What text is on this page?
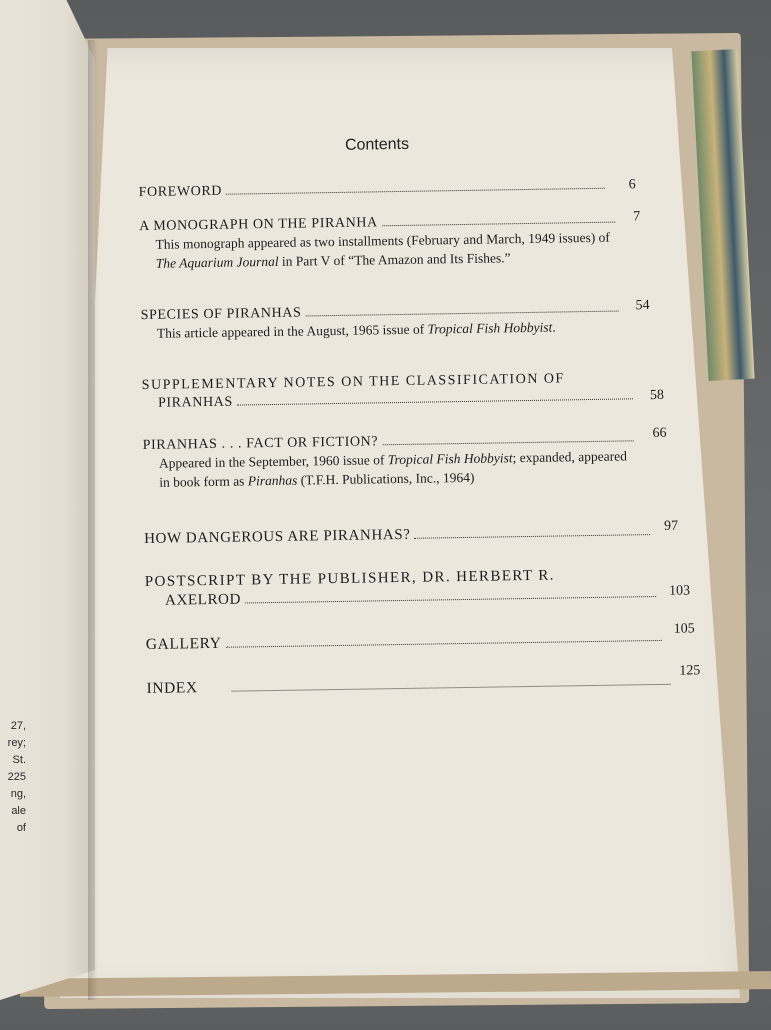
27,
rey;
St.
225
ng,
ale
of
Contents
FOREWORD	6
A MONOGRAPH ON THE PIRANHA
This monograph appeared as two installments (February and March, 1949 issues) of The Aquarium Journal in Part V of “The Amazon and Its Fishes.”
7
SPECIES OF PIRANHAS
This article appeared in the August, 1965 issue of Tropical Fish Hobbyist.
54
SUPPLEMENTARY NOTES ON THE CLASSIFICATION OF
PIRANHAS	58
PIRANHAS . . . FACT OR FICTION?
Appeared in the September, 1960 issue of Tropical Fish Hobbyist; expanded, appeared in book form as Piranhas (T.F.H. Publications, Inc., 1964)
66
HOW DANGEROUS ARE PIRANHAS?
97
POSTSCRIPT BY THE PUBLISHER, DR. HERBERT R.
AXELROD
103
GALLERY
105
INDEX
125
